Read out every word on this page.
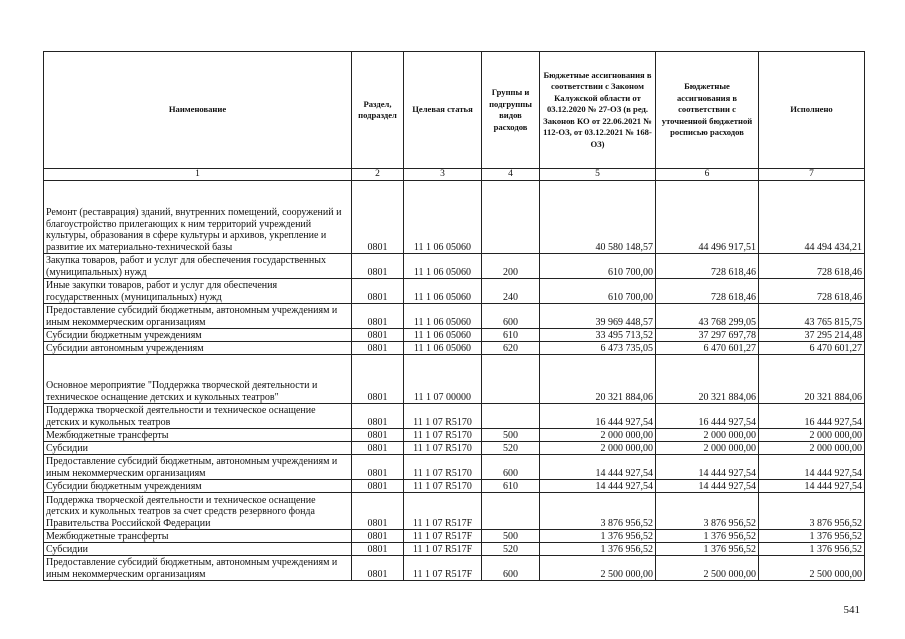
Наименование	Раздел, подраздел	Целевая статья	Группы и подгруппы видов расходов	Бюджетные ассигнования в соответствии с Законом Калужской области от 03.12.2020 № 27-ОЗ (в ред. Законов КО от 22.06.2021 № 112-ОЗ, от 03.12.2021 № 168-ОЗ)	Бюджетные ассигнования в соответствии с уточненной бюджетной росписью расходов	Исполнено
1	2	3	4	5	6	7
Ремонт (реставрация) зданий, внутренних помещений, сооружений и благоустройство прилегающих к ним территорий учреждений культуры, образования в сфере культуры и архивов, укрепление и развитие их материально-технической базы	0801	11 1 06 05060		40 580 148,57	44 496 917,51	44 494 434,21
Закупка товаров, работ и услуг для обеспечения государственных (муниципальных) нужд	0801	11 1 06 05060	200	610 700,00	728 618,46	728 618,46
Иные закупки товаров, работ и услуг для обеспечения государственных (муниципальных) нужд	0801	11 1 06 05060	240	610 700,00	728 618,46	728 618,46
Предоставление субсидий бюджетным, автономным учреждениям и иным некоммерческим организациям	0801	11 1 06 05060	600	39 969 448,57	43 768 299,05	43 765 815,75
Субсидии бюджетным учреждениям	0801	11 1 06 05060	610	33 495 713,52	37 297 697,78	37 295 214,48
Субсидии автономным учреждениям	0801	11 1 06 05060	620	6 473 735,05	6 470 601,27	6 470 601,27
Основное мероприятие "Поддержка творческой деятельности и техническое оснащение детских и кукольных театров"	0801	11 1 07 00000		20 321 884,06	20 321 884,06	20 321 884,06
Поддержка творческой деятельности и техническое оснащение детских и кукольных театров	0801	11 1 07 R5170		16 444 927,54	16 444 927,54	16 444 927,54
Межбюджетные трансферты	0801	11 1 07 R5170	500	2 000 000,00	2 000 000,00	2 000 000,00
Субсидии	0801	11 1 07 R5170	520	2 000 000,00	2 000 000,00	2 000 000,00
Предоставление субсидий бюджетным, автономным учреждениям и иным некоммерческим организациям	0801	11 1 07 R5170	600	14 444 927,54	14 444 927,54	14 444 927,54
Субсидии бюджетным учреждениям	0801	11 1 07 R5170	610	14 444 927,54	14 444 927,54	14 444 927,54
Поддержка творческой деятельности и техническое оснащение детских и кукольных театров за счет средств резервного фонда Правительства Российской Федерации	0801	11 1 07 R517F		3 876 956,52	3 876 956,52	3 876 956,52
Межбюджетные трансферты	0801	11 1 07 R517F	500	1 376 956,52	1 376 956,52	1 376 956,52
Субсидии	0801	11 1 07 R517F	520	1 376 956,52	1 376 956,52	1 376 956,52
Предоставление субсидий бюджетным, автономным учреждениям и иным некоммерческим организациям	0801	11 1 07 R517F	600	2 500 000,00	2 500 000,00	2 500 000,00
541
